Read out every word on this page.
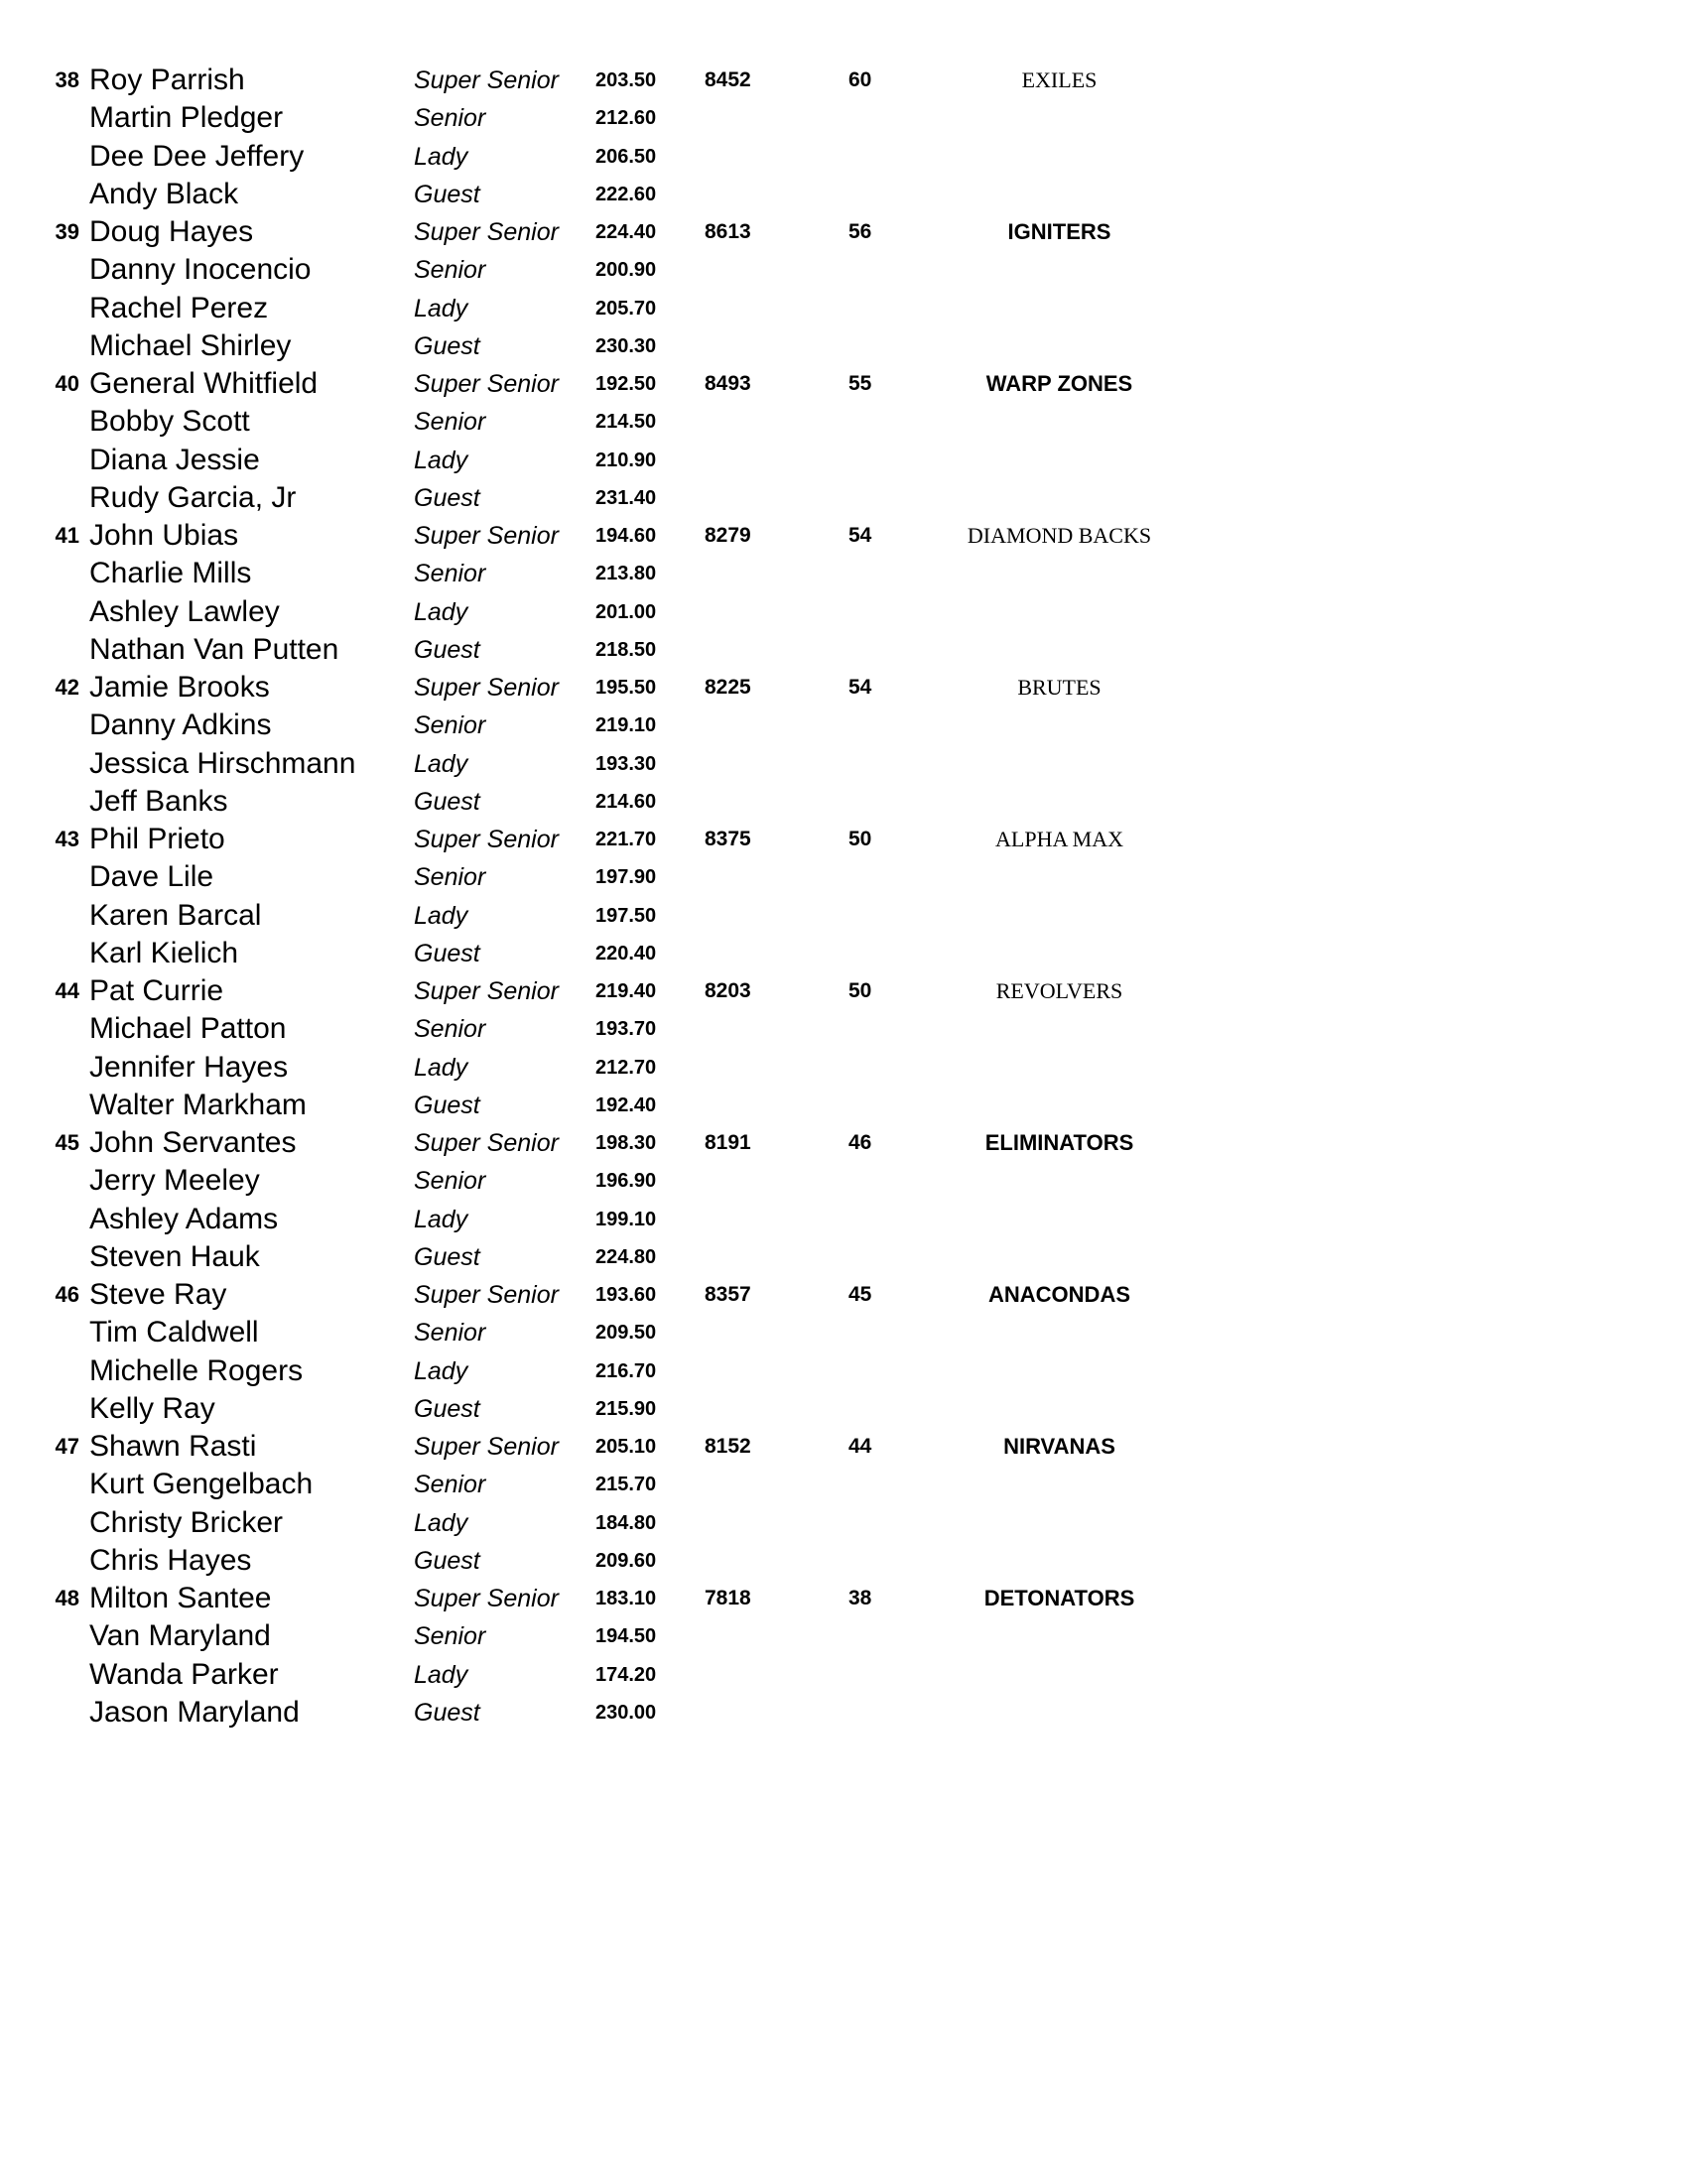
38 Roy Parrish	Super Senior 203.50 8452	60	EXILES
Martin Pledger	Senior	212.60
Dee Dee Jeffery	Lady	206.50
Andy Black	Guest	222.60
39 Doug Hayes	Super Senior 224.40 8613	56	IGNITERS
Danny Inocencio	Senior	200.90
Rachel Perez	Lady	205.70
Michael Shirley	Guest	230.30
40 General Whitfield	Super Senior 192.50 8493	55	WARP ZONES
Bobby Scott	Senior	214.50
Diana Jessie	Lady	210.90
Rudy Garcia, Jr	Guest	231.40
41 John Ubias	Super Senior 194.60 8279	54	DIAMOND BACKS
Charlie Mills	Senior	213.80
Ashley Lawley	Lady	201.00
Nathan Van Putten	Guest	218.50
42 Jamie Brooks	Super Senior 195.50 8225	54	BRUTES
Danny Adkins	Senior	219.10
Jessica Hirschmann Lady	193.30
Jeff Banks	Guest	214.60
43 Phil Prieto	Super Senior 221.70 8375	50	ALPHA MAX
Dave Lile	Senior	197.90
Karen Barcal	Lady	197.50
Karl Kielich	Guest	220.40
44 Pat Currie	Super Senior 219.40 8203	50	REVOLVERS
Michael Patton	Senior	193.70
Jennifer Hayes	Lady	212.70
Walter Markham	Guest	192.40
45 John Servantes	Super Senior 198.30 8191	46	ELIMINATORS
Jerry Meeley	Senior	196.90
Ashley Adams	Lady	199.10
Steven Hauk	Guest	224.80
46 Steve Ray	Super Senior 193.60 8357	45	ANACONDAS
Tim Caldwell	Senior	209.50
Michelle Rogers	Lady	216.70
Kelly Ray	Guest	215.90
47 Shawn Rasti	Super Senior 205.10 8152	44	NIRVANAS
Kurt Gengelbach	Senior	215.70
Christy Bricker	Lady	184.80
Chris Hayes	Guest	209.60
48 Milton Santee	Super Senior 183.10 7818	38	DETONATORS
Van Maryland	Senior	194.50
Wanda Parker	Lady	174.20
Jason Maryland	Guest	230.00
